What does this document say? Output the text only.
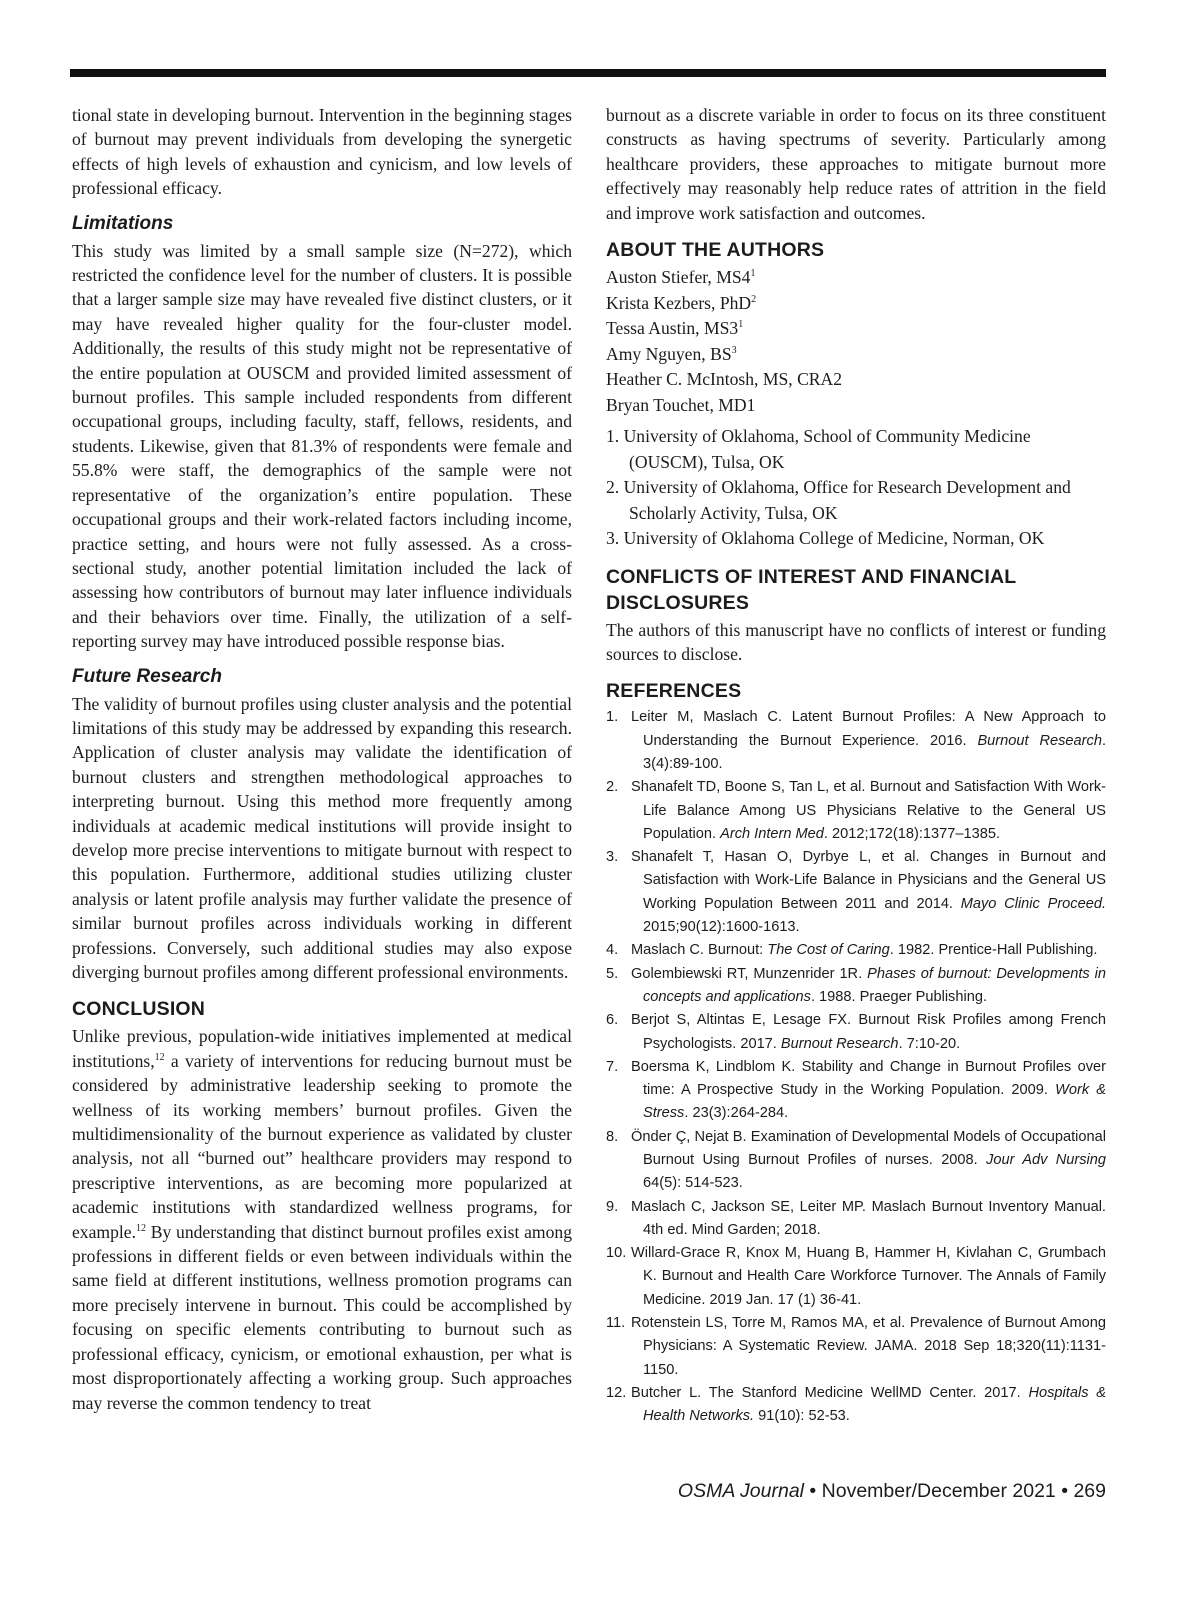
tional state in developing burnout. Intervention in the beginning stages of burnout may prevent individuals from developing the synergetic effects of high levels of exhaustion and cynicism, and low levels of professional efficacy.

Limitations

This study was limited by a small sample size (N=272), which restricted the confidence level for the number of clusters. It is possible that a larger sample size may have revealed five distinct clusters, or it may have revealed higher quality for the four-cluster model. Additionally, the results of this study might not be representative of the entire population at OUSCM and provided limited assessment of burnout profiles. This sample included respondents from different occupational groups, including faculty, staff, fellows, residents, and students. Likewise, given that 81.3% of respondents were female and 55.8% were staff, the demographics of the sample were not representative of the organization’s entire population. These occupational groups and their work-related factors including income, practice setting, and hours were not fully assessed. As a cross-sectional study, another potential limitation included the lack of assessing how contributors of burnout may later influence individuals and their behaviors over time. Finally, the utilization of a self-reporting survey may have introduced possible response bias.

Future Research

The validity of burnout profiles using cluster analysis and the potential limitations of this study may be addressed by expanding this research. Application of cluster analysis may validate the identification of burnout clusters and strengthen methodological approaches to interpreting burnout. Using this method more frequently among individuals at academic medical institutions will provide insight to develop more precise interventions to mitigate burnout with respect to this population. Furthermore, additional studies utilizing cluster analysis or latent profile analysis may further validate the presence of similar burnout profiles across individuals working in different professions. Conversely, such additional studies may also expose diverging burnout profiles among different professional environments.

CONCLUSION

Unlike previous, population-wide initiatives implemented at medical institutions,$^{12}$ a variety of interventions for reducing burnout must be considered by administrative leadership seeking to promote the wellness of its working members’ burnout profiles. Given the multidimensionality of the burnout experience as validated by cluster analysis, not all “burned out” healthcare providers may respond to prescriptive interventions, as are becoming more popularized at academic institutions with standardized wellness programs, for example.$^{12}$ By understanding that distinct burnout profiles exist among professions in different fields or even between individuals within the same field at different institutions, wellness promotion programs can more precisely intervene in burnout. This could be accomplished by focusing on specific elements contributing to burnout such as professional efficacy, cynicism, or emotional exhaustion, per what is most disproportionately affecting a working group. Such approaches may reverse the common tendency to treat

burnout as a discrete variable in order to focus on its three constituent constructs as having spectrums of severity. Particularly among healthcare providers, these approaches to mitigate burnout more effectively may reasonably help reduce rates of attrition in the field and improve work satisfaction and outcomes.

ABOUT THE AUTHORS
Auston Stiefer, $MS4^1$
Krista Kezbers, PhD$^2$
Tessa Austin, $MS3^1$
Amy Nguyen, $BS^3$
Heather C. McIntosh, MS, CRA2
Bryan Touchet, MD1
1. University of Oklahoma, School of Community Medicine (OUSCM), Tulsa, OK
2. University of Oklahoma, Office for Research Development and Scholarly Activity, Tulsa, OK
3. University of Oklahoma College of Medicine, Norman, OK
CONFLICTS OF INTEREST AND FINANCIAL
DISCLOSURES

The authors of this manuscript have no conflicts of interest or funding sources to disclose.

REFERENCES
1. Leiter M, Maslach C. Latent Burnout Profiles: A New Approach to Understanding the Burnout Experience. 2016. Burnout Research. 3(4):89-100.
2. Shanafelt TD, Boone S, Tan L, et al. Burnout and Satisfaction With Work-Life Balance Among US Physicians Relative to the General US Population. Arch Intern Med. 2012;172(18):1377–1385.
3. Shanafelt T, Hasan O, Dyrbye L, et al. Changes in Burnout and Satisfaction with Work-Life Balance in Physicians and the General US Working Population Between 2011 and 2014. Mayo Clinic Proceed. 2015;90(12):1600-1613.
4. Maslach C. Burnout: The Cost of Caring. 1982. Prentice-Hall Publishing.
5. Golembiewski RT, Munzenrider 1R. Phases of burnout: Developments in concepts and applications. 1988. Praeger Publishing.
6. Berjot S, Altintas E, Lesage FX. Burnout Risk Profiles among French Psychologists. 2017. Burnout Research. 7:10-20.
7. Boersma K, Lindblom K. Stability and Change in Burnout Profiles over time: A Prospective Study in the Working Population. 2009. Work & Stress. 23(3):264-284.
8. Önder Ç, Nejat B. Examination of Developmental Models of Occupational Burnout Using Burnout Profiles of nurses. 2008. Jour Adv Nursing 64(5): 514-523.
9. Maslach C, Jackson SE, Leiter MP. Maslach Burnout Inventory Manual. 4th ed. Mind Garden; 2018.
10. Willard-Grace R, Knox M, Huang B, Hammer H, Kivlahan C, Grumbach K. Burnout and Health Care Workforce Turnover. The Annals of Family Medicine. 2019 Jan. 17 (1) 36-41.
11. Rotenstein LS, Torre M, Ramos MA, et al. Prevalence of Burnout Among Physicians: A Systematic Review. JAMA. 2018 Sep 18;320(11):1131-1150.
12. Butcher L. The Stanford Medicine WellMD Center. 2017. Hospitals & Health Networks. 91(10): 52-53.
OSMA Journal • November/December 2021 • 269
